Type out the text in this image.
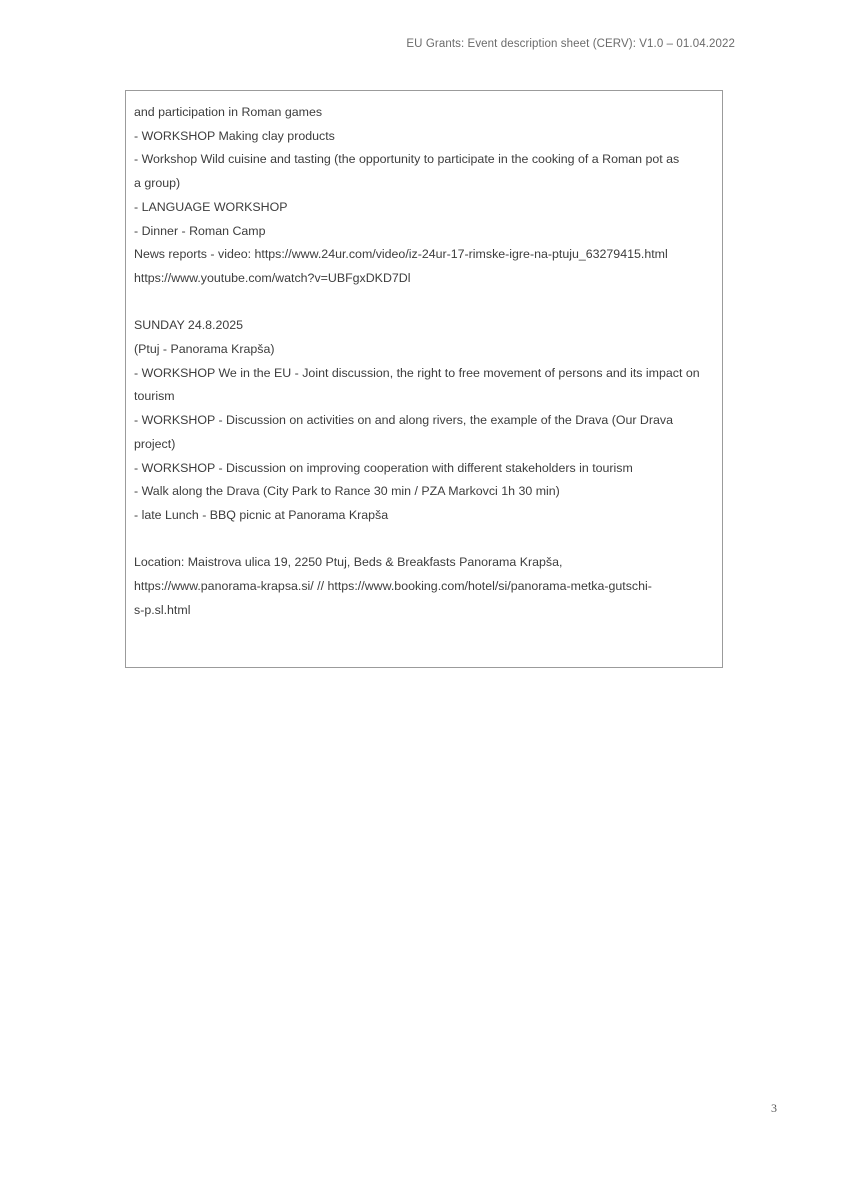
EU Grants: Event description sheet (CERV): V1.0 – 01.04.2022
and participation in Roman games
- WORKSHOP Making clay products
- Workshop Wild cuisine and tasting (the opportunity to participate in the cooking of a Roman pot as
a group)
- LANGUAGE WORKSHOP
- Dinner - Roman Camp
News reports - video: https://www.24ur.com/video/iz-24ur-17-rimske-igre-na-ptuju_63279415.html
https://www.youtube.com/watch?v=UBFgxDKD7Dl
SUNDAY 24.8.2025
(Ptuj - Panorama Krapša)
- WORKSHOP We in the EU - Joint discussion, the right to free movement of persons and its impact on
tourism
- WORKSHOP - Discussion on activities on and along rivers, the example of the Drava (Our Drava
project)
- WORKSHOP - Discussion on improving cooperation with different stakeholders in tourism
- Walk along the Drava (City Park to Rance 30 min / PZA Markovci 1h 30 min)
- late Lunch - BBQ picnic at Panorama Krapša
Location: Maistrova ulica 19, 2250 Ptuj, Beds & Breakfasts Panorama Krapša,
https://www.panorama-krapsa.si/ // https://www.booking.com/hotel/si/panorama-metka-gutschi-
s-p.sl.html
3
